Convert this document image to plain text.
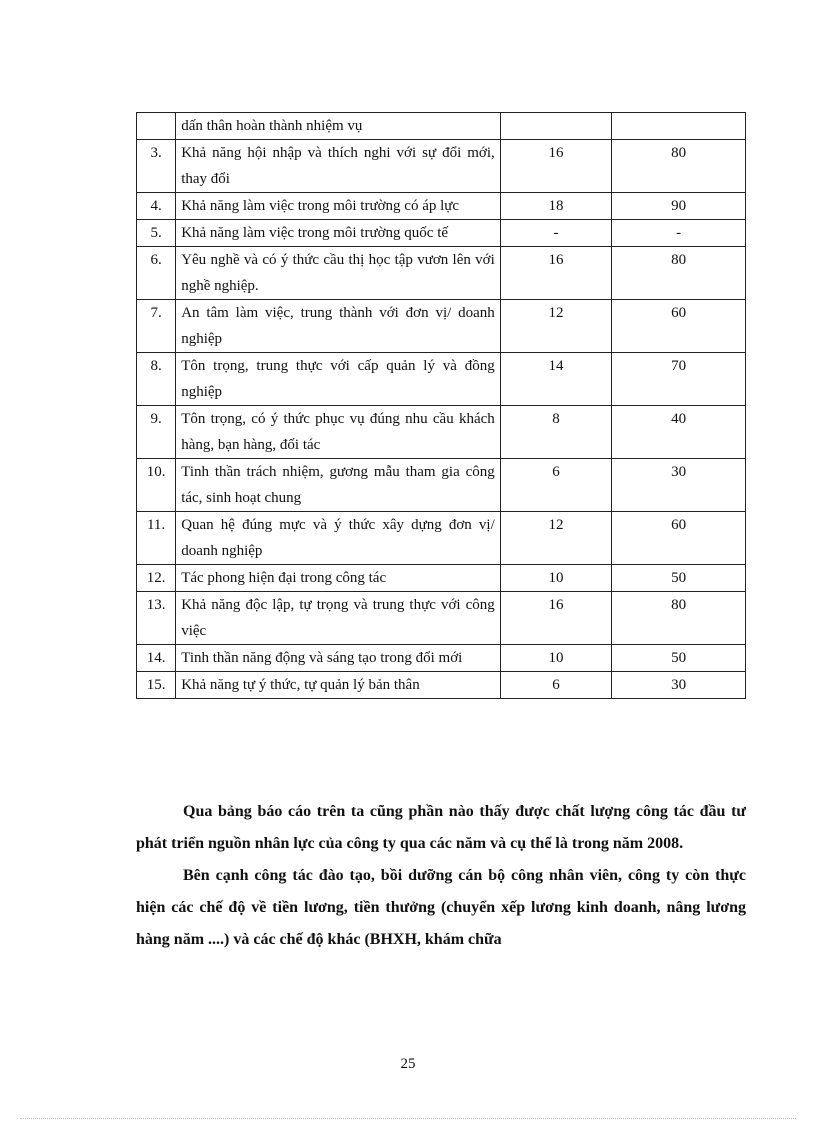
	dấn thân hoàn thành nhiệm vụ		
3.	Khả năng hội nhập và thích nghi với sự đổi mới, thay đổi	16	80
4.	Khả năng làm việc trong môi trường có áp lực	18	90
5.	Khả năng làm việc trong môi trường quốc tế	-	-
6.	Yêu nghề và có ý thức cầu thị học tập vươn lên với nghề nghiệp.	16	80
7.	An tâm làm việc, trung thành với đơn vị/ doanh nghiệp	12	60
8.	Tôn trọng, trung thực với cấp quản lý và đồng nghiệp	14	70
9.	Tôn trọng, có ý thức phục vụ đúng nhu cầu khách hàng, bạn hàng, đối tác	8	40
10.	Tinh thần trách nhiệm, gương mẫu tham gia công tác, sinh hoạt chung	6	30
11.	Quan hệ đúng mực và ý thức xây dựng đơn vị/ doanh nghiệp	12	60
12.	Tác phong hiện đại trong công tác	10	50
13.	Khả năng độc lập, tự trọng và trung thực với công việc	16	80
14.	Tinh thần năng động và sáng tạo trong đổi mới	10	50
15.	Khả năng tự ý thức, tự quản lý bản thân	6	30

Qua bảng báo cáo trên ta cũng phần nào thấy được chất lượng công tác đầu tư phát triển nguồn nhân lực của công ty qua các năm và cụ thể là trong năm 2008.

Bên cạnh công tác đào tạo, bồi dưỡng cán bộ công nhân viên, công ty còn thực hiện các chế độ về tiền lương, tiền thưởng (chuyển xếp lương kinh doanh, nâng lương hàng năm ....) và các chế độ khác (BHXH, khám chữa

25
